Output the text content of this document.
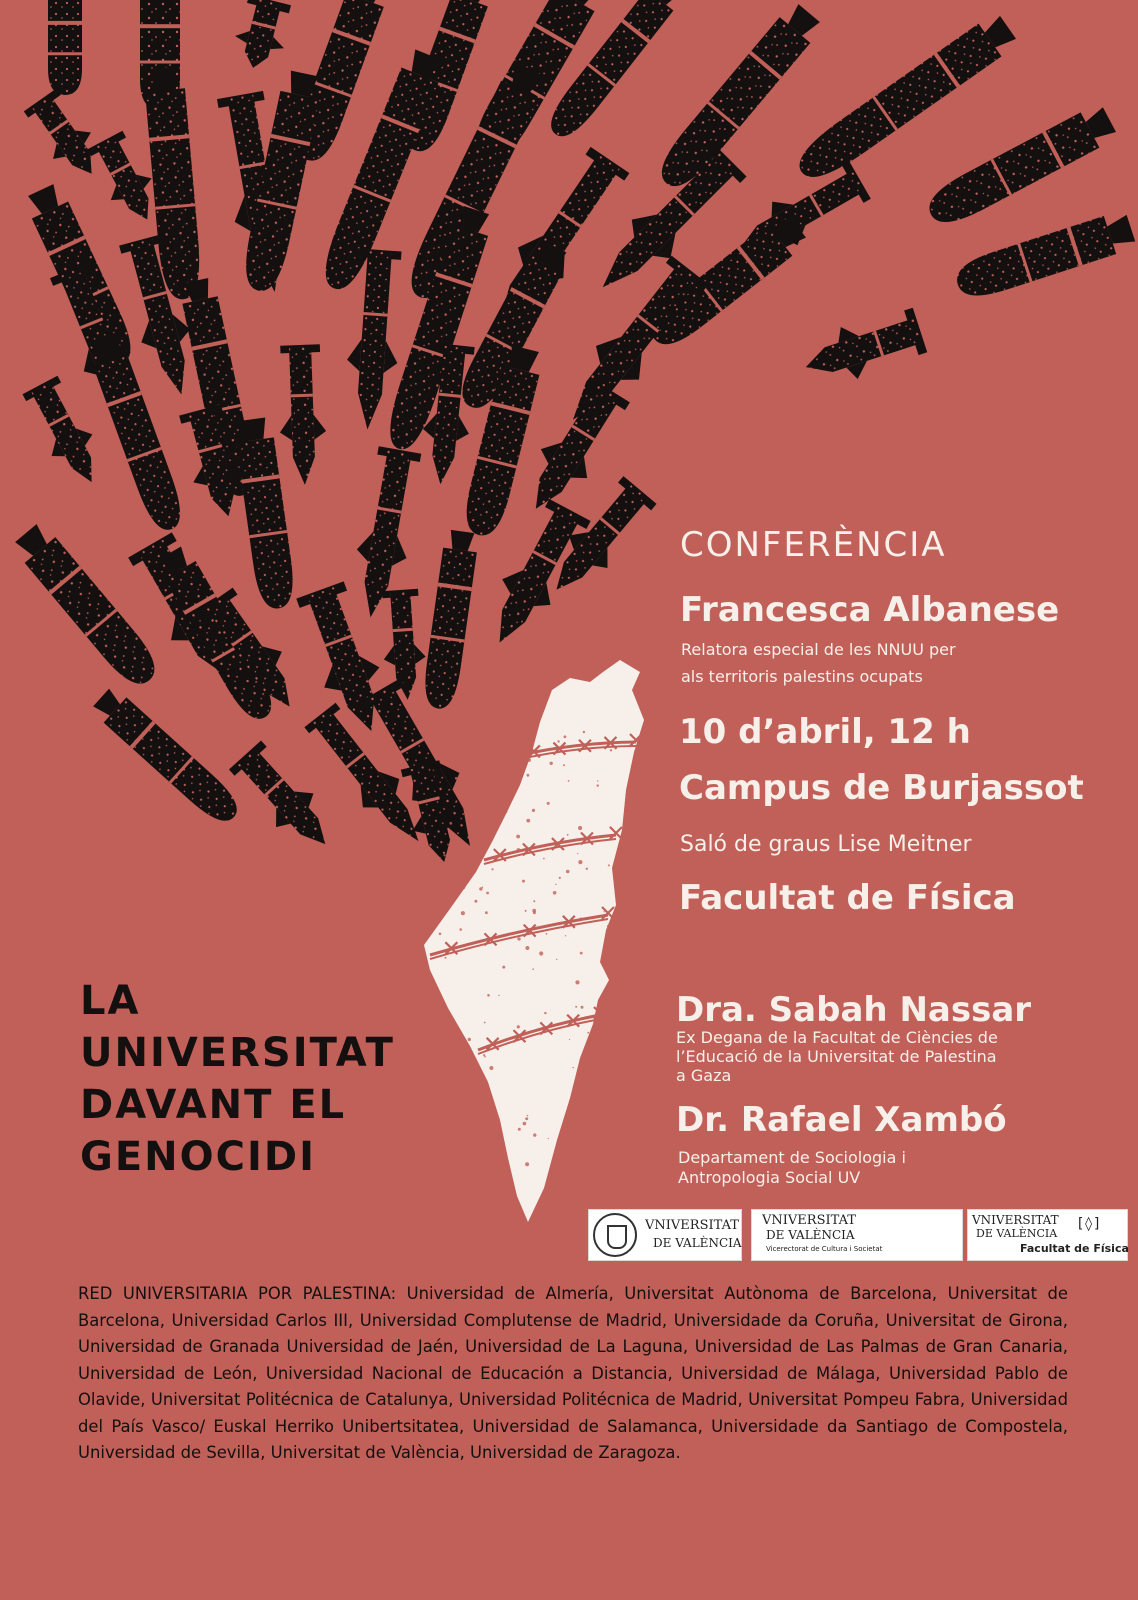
CONFERÈNCIA
Francesca Albanese
Relatora especial de les NNUU per
als territoris palestins ocupats
10 d’abril, 12 h
Campus de Burjassot
Saló de graus Lise Meitner
Facultat de Física
Dra. Sabah Nassar
Ex Degana de la Facultat de Ciències de
l’Educació de la Universitat de Palestina
a Gaza
Dr. Rafael Xambó
Departament de Sociologia i
Antropologia Social UV
LA
UNIVERSITAT
DAVANT EL
GENOCIDI
VNIVERSITAT
DE VALÈNCIA
VNIVERSITAT
DE VALÈNCIA
Vicerectorat de Cultura i Societat
VNIVERSITAT
DE VALÈNCIA
[◊]
Facultat de Física

RED UNIVERSITARIA POR PALESTINA: Universidad de Almería, Universitat Autònoma de Barcelona, Universitat de Barcelona, Universidad Carlos III, Universidad Complutense de Madrid, Universidade da Coruña, Universitat de Girona, Universidad de Granada Universidad de Jaén, Universidad de La Laguna, Universidad de Las Palmas de Gran Canaria, Universidad de León, Universidad Nacional de Educación a Distancia, Universidad de Málaga, Universidad Pablo de Olavide, Universitat Politécnica de Catalunya, Universidad Politécnica de Madrid, Universitat Pompeu Fabra, Universidad del País Vasco/ Euskal Herriko Unibertsitatea, Universidad de Salamanca, Universidade da Santiago de Compostela, Universidad de Sevilla, Universitat de València, Universidad de Zaragoza.
